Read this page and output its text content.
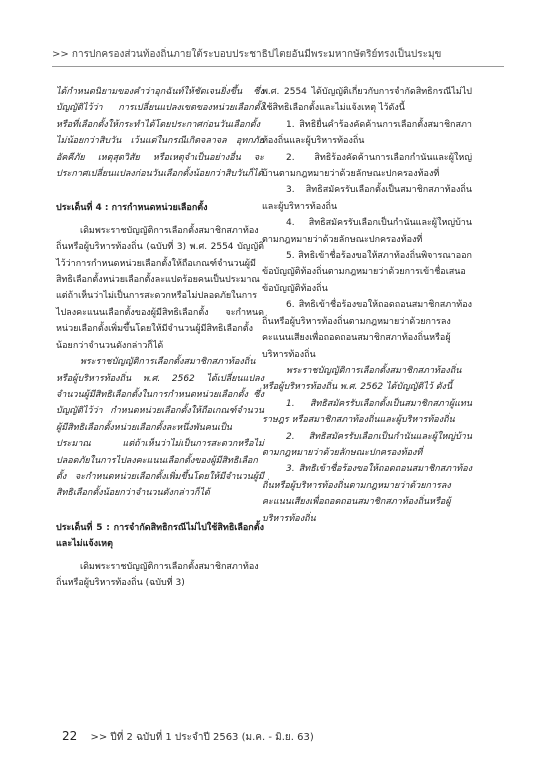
>> การปกครองส่วนท้องถิ่นภายใต้ระบอบประชาธิปไตยอันมีพระมหากษัตริย์ทรงเป็นประมุข

ได้กำหนดนิยามของคำว่าอุกฉันท์ให้ชัดเจนยิ่งขึ้น ซึ่งบัญญัติไว้ว่า การเปลี่ยนแปลงเขตของหน่วยเลือกตั้งหรือที่เลือกตั้งให้กระทำได้โดยประกาศก่อนวันเลือกตั้งไม่น้อยกว่าสิบวัน เว้นแต่ในกรณีเกิดจลาจล อุทกภัย อัคคีภัย เหตุสุดวิสัย หรือเหตุจำเป็นอย่างอื่น จะประกาศเปลี่ยนแปลงก่อนวันเลือกตั้งน้อยกว่าสิบวันก็ได้

ประเด็นที่ 4 : การกำหนดหน่วยเลือกตั้ง

เดิมพระราชบัญญัติการเลือกตั้งสมาชิกสภาท้องถิ่นหรือผู้บริหารท้องถิ่น (ฉบับที่ 3) พ.ศ. 2554 บัญญัติไว้ว่าการกำหนดหน่วยเลือกตั้งให้ถือเกณฑ์จำนวนผู้มีสิทธิเลือกตั้งหน่วยเลือกตั้งละแปดร้อยคนเป็นประมาณ แต่ถ้าเห็นว่าไม่เป็นการสะดวกหรือไม่ปลอดภัยในการไปลงคะแนนเลือกตั้งของผู้มีสิทธิเลือกตั้ง จะกำหนดหน่วยเลือกตั้งเพิ่มขึ้นโดยให้มีจำนวนผู้มีสิทธิเลือกตั้งน้อยกว่าจำนวนดังกล่าวก็ได้

พระราชบัญญัติการเลือกตั้งสมาชิกสภาท้องถิ่นหรือผู้บริหารท้องถิ่น พ.ศ. 2562 ได้เปลี่ยนแปลงจำนวนผู้มีสิทธิเลือกตั้งในการกำหนดหน่วยเลือกตั้ง ซึ่งบัญญัติไว้ว่า กำหนดหน่วยเลือกตั้งให้ถือเกณฑ์จำนวนผู้มีสิทธิเลือกตั้งหน่วยเลือกตั้งละหนึ่งพันคนเป็นประมาณ แต่ถ้าเห็นว่าไม่เป็นการสะดวกหรือไม่ปลอดภัยในการไปลงคะแนนเลือกตั้งของผู้มีสิทธิเลือกตั้ง จะกำหนดหน่วยเลือกตั้งเพิ่มขึ้นโดยให้มีจำนวนผู้มีสิทธิเลือกตั้งน้อยกว่าจำนวนดังกล่าวก็ได้

ประเด็นที่ 5 : การจำกัดสิทธิกรณีไม่ไปใช้สิทธิเลือกตั้ง และไม่แจ้งเหตุ

เดิมพระราชบัญญัติการเลือกตั้งสมาชิกสภาท้องถิ่นหรือผู้บริหารท้องถิ่น (ฉบับที่ 3)

พ.ศ. 2554 ได้บัญญัติเกี่ยวกับการจำกัดสิทธิกรณีไม่ไปใช้สิทธิเลือกตั้งและไม่แจ้งเหตุ ไว้ดังนี้

1. สิทธิยื่นคำร้องคัดค้านการเลือกตั้งสมาชิกสภาท้องถิ่นและผู้บริหารท้องถิ่น

2. สิทธิร้องคัดค้านการเลือกกำนันและผู้ใหญ่บ้านตามกฎหมายว่าด้วยลักษณะปกครองท้องที่

3. สิทธิสมัครรับเลือกตั้งเป็นสมาชิกสภาท้องถิ่นและผู้บริหารท้องถิ่น

4. สิทธิสมัครรับเลือกเป็นกำนันและผู้ใหญ่บ้านตามกฎหมายว่าด้วยลักษณะปกครองท้องที่

5. สิทธิเข้าชื่อร้องขอให้สภาท้องถิ่นพิจารณาออกข้อบัญญัติท้องถิ่นตามกฎหมายว่าด้วยการเข้าชื่อเสนอข้อบัญญัติท้องถิ่น

6. สิทธิเข้าชื่อร้องขอให้ถอดถอนสมาชิกสภาท้องถิ่นหรือผู้บริหารท้องถิ่นตามกฎหมายว่าด้วยการลงคะแนนเสียงเพื่อถอดถอนสมาชิกสภาท้องถิ่นหรือผู้บริหารท้องถิ่น

พระราชบัญญัติการเลือกตั้งสมาชิกสภาท้องถิ่นหรือผู้บริหารท้องถิ่น พ.ศ. 2562 ได้บัญญัติไว้ ดังนี้

1. สิทธิสมัครรับเลือกตั้งเป็นสมาชิกสภาผู้แทนราษฎร หรือสมาชิกสภาท้องถิ่นและผู้บริหารท้องถิ่น

2. สิทธิสมัครรับเลือกเป็นกำนันและผู้ใหญ่บ้านตามกฎหมายว่าด้วยลักษณะปกครองท้องที่

3. สิทธิเข้าชื่อร้องขอให้ถอดถอนสมาชิกสภาท้องถิ่นหรือผู้บริหารท้องถิ่นตามกฎหมายว่าด้วยการลงคะแนนเสียงเพื่อถอดถอนสมาชิกสภาท้องถิ่นหรือผู้บริหารท้องถิ่น

22 >> ปีที่ 2 ฉบับที่ 1 ประจำปี 2563 (ม.ค. - มิ.ย. 63)
